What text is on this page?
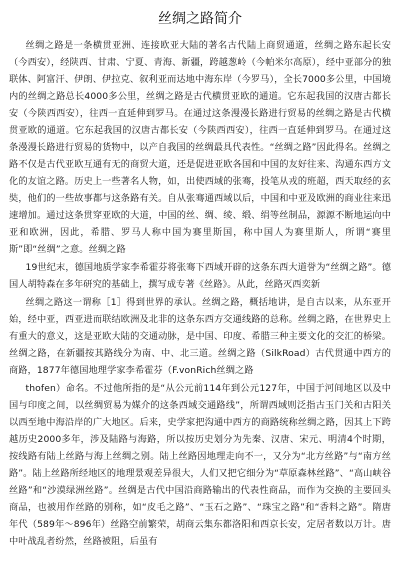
丝绸之路简介

丝绸之路是一条横贯亚洲、连接欧亚大陆的著名古代陆上商贸通道，丝绸之路东起长安（今西安），经陕西、甘肃、宁夏、青海、新疆，跨越葱岭（今帕米尔高原），经中亚部分的独联体、阿富汗、伊朗、伊拉克、叙利亚而达地中海东岸（今罗马），全长7000多公里，中国境内的丝绸之路总长4000多公里，丝绸之路是古代横贯亚欧的通道。它东起我国的汉唐古都长安（今陕西西安），往西一直延伸到罗马。在通过这条漫漫长路进行贸易的丝绸之路是古代横贯亚欧的通道。它东起我国的汉唐古都长安（今陕西西安），往西一直延伸到罗马。在通过这条漫漫长路进行贸易的货物中，以产自我国的丝绸最具代表性。“丝绸之路”因此得名。丝绸之路不仅是古代亚欧互通有无的商贸大道，还是促进亚欧各国和中国的友好往来、沟通东西方文化的友谊之路。历史上一些著名人物，如，出使西域的张骞，投笔从戎的班超，西天取经的玄奘，他们的一些故事都与这条路有关。自从张骞通西域以后，中国和中亚及欧洲的商业往来迅速增加。通过这条贯穿亚欧的大道，中国的丝、绸、绫、缎、绢等丝制品，源源不断地运向中亚和欧洲，因此，希腊、罗马人称中国为赛里斯国，称中国人为赛里斯人，所谓“赛里斯”即“丝绸”之意。丝绸之路

19世纪末，德国地质学家李希霍芬将张骞下西域开辟的这条东西大道誉为“丝绸之路”。德国人胡特森在多年研究的基础上，撰写成专著《丝路》。从此，丝路灭西奕新

丝绸之路这一谓称［1］得到世界的承认。丝绸之路，概括地讲，是自古以来，从东亚开始，经中亚，西亚进而联结欧洲及北非的这条东西方交通线路的总称。丝绸之路，在世界史上有重大的意义，这是亚欧大陆的交通动脉，是中国、印度、希腊三种主要文化的交汇的桥梁。丝绸之路，在新疆按其路线分为南、中、北三道。丝绸之路（SilkRoad）古代贯通中西方的商路，1877年德国地理学家李希霍芬（F.vonRich丝绸之路

thofen）命名。不过他所指的是“从公元前114年到公元127年，中国于河间地区以及中国与印度之间，以丝绸贸易为媒介的这条西域交通路线”，所谓西域则泛指古玉门关和古阳关以西至地中海沿岸的广大地区。后来，史学家把沟通中西方的商路统称丝绸之路，因其上下跨越历史2000多年，涉及陆路与海路，所以按历史划分为先秦、汉唐、宋元、明清4个时期，按线路有陆上丝路与海上丝绸之别。陆上丝路因地理走向不一，又分为“北方丝路”与“南方丝路”。陆上丝路所经地区的地理景观差异很大，人们又把它细分为“草原森林丝路”、“高山峡谷丝路”和“沙漠绿洲丝路”。丝绸是古代中国沿商路输出的代表性商品，而作为交换的主要回头商品，也被用作丝路的别称，如“皮毛之路”、“玉石之路”、“珠宝之路”和“香料之路”。隋唐年代（589年～896年）丝路空前繁荣，胡商云集东都洛阳和西京长安，定居者数以万计。唐中叶战乱者纷然，丝路被阻，后虽有
